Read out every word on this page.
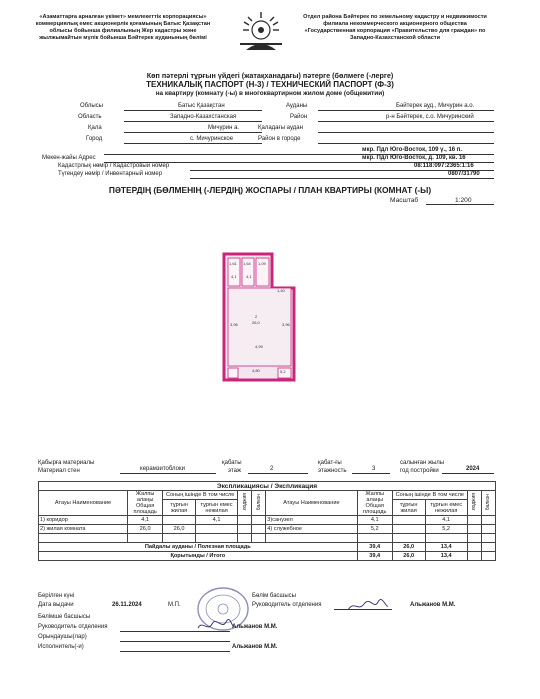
«Азаматтарға арналған үкімет» мемлекеттік корпорациясы» коммерциялық емес акционерлік қоғамының Батыс Қазақстан облысы бойынша филиалының Жер кадастры және жылжымайтын мүлік бойынша Бәйтерек ауданының бөлімі
Отдел района Бәйтерек по земельному кадастру и недвижимости филиала некоммерческого акционерного общества «Государственная корпорация «Правительство для граждан» по Западно-Казахстанской области
Көп пәтерлі тұрғын үйдегі (жатақханадағы) пәтерге (бөлмеге (-лерге)
ТЕХНИКАЛЫҚ ПАСПОРТ (Н-3) / ТЕХНИЧЕСКИЙ ПАСПОРТ (Ф-3)
на квартиру (комнату (-ы) в многоквартирном жилом доме (общежитии)
Облысы	Батыс Қазақстан	Ауданы	Бәйтерек ауд., Мичурин а.о.
Область	Западно-Казахстанская	Район	р-н Бәйтерек, с.о. Мичуринский
Қала	Мичурин а.	Қаладағы аудан
Город	с. Мичуринское	Район в городе
мкр. Пдл Юго-Восток, 109 ү., 16 п.
Мекен-жайы Адрес	мкр. Пдл Юго-Восток, д. 109, кв. 16
Кадастрлық нөмір / Кадастровый номер	08:118:097:2365:1:16
Түгендеу нөмір / Инвентарный номер	0807/31790
ПӘТЕРДІҢ (БӨЛМЕНІҢ (-ЛЕРДІҢ) ЖОСПАРЫ / ПЛАН КВАРТИРЫ (КОМНАТ (-Ы)
Масштаб	1:200
1,61 1,64 1,09
4,1 4,1
1,40
2
26,0
3,96	3,96
4,99
4,80	5,2
Қабырға материалы
Материал стен	керамзитоблоки
қабаты
этаж	2
қабат-ғы
этажность	3
салынған жылы
год постройки	2024
Экспликациясы / Экспликация
Атауы Наименование	Жалпы алаңы Общая площадь	Соның ішінде В том числе		лоджия	балкон	Атауы Наименование	Жалпы алаңы Общая площадь	Соның ішінде В том числе		лоджия	балкон
		тұрғын жилая	тұрғын емес нежилая					тұрғын жилая	тұрғын емес нежилая		
1) коридор	4,1		4,1			3)санузел	4,1		4,1		
2) жилая комната	26,0	26,0				4) служебное	5,2		5,2		

Пайдалы ауданы / Полезная площадь							39,4	26,0	13,4		
Қорытынды / Итого							39,4	26,0	13,4		
Берілген күні
Дата выдачи	26.11.2024	М.П.
Бөлім басшысы
Руководитель отделения	Альжанов М.М.
Бөлімше басшысы
Руководитель отделения	Альжанов М.М.
Орындаушы(лар)
Исполнитель(-и)	Альжанов М.М.
